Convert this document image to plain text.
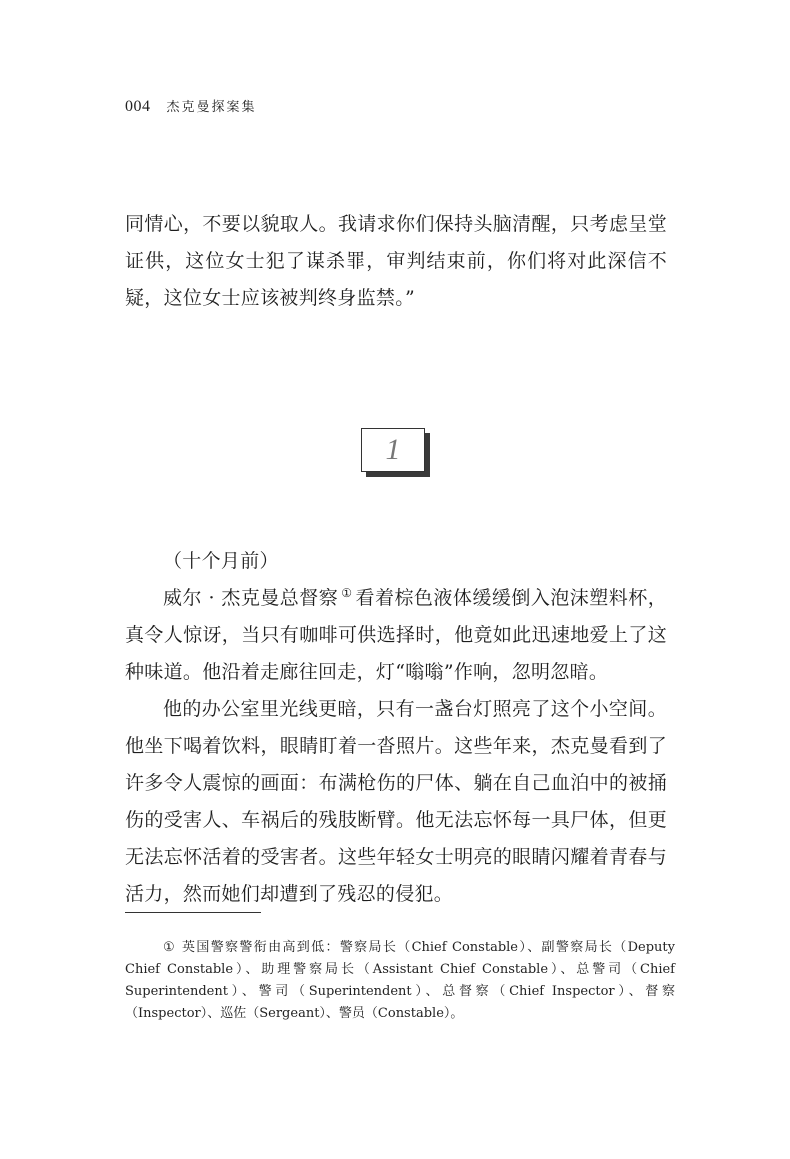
004 杰克曼探案集

同情心，不要以貌取人。我请求你们保持头脑清醒，只考虑呈堂证供，这位女士犯了谋杀罪，审判结束前，你们将对此深信不疑，这位女士应该被判终身监禁。”

1

（十个月前）

威尔 · 杰克曼总督察 ① 看着棕色液体缓缓倒入泡沫塑料杯，真令人惊讶，当只有咖啡可供选择时，他竟如此迅速地爱上了这种味道。他沿着走廊往回走，灯“嗡嗡”作响，忽明忽暗。

他的办公室里光线更暗，只有一盏台灯照亮了这个小空间。他坐下喝着饮料，眼睛盯着一沓照片。这些年来，杰克曼看到了许多令人震惊的画面：布满枪伤的尸体、躺在自己血泊中的被捅伤的受害人、车祸后的残肢断臂。他无法忘怀每一具尸体，但更无法忘怀活着的受害者。这些年轻女士明亮的眼睛闪耀着青春与活力，然而她们却遭到了残忍的侵犯。

① 英国警察警衔由高到低：警察局长（Chief Constable）、副警察局长（Deputy Chief Constable）、助理警察局长（Assistant Chief Constable）、总警司（Chief Superintendent）、警司（Superintendent）、总督察（Chief Inspector）、督察（Inspector）、巡佐（Sergeant）、警员（Constable）。
